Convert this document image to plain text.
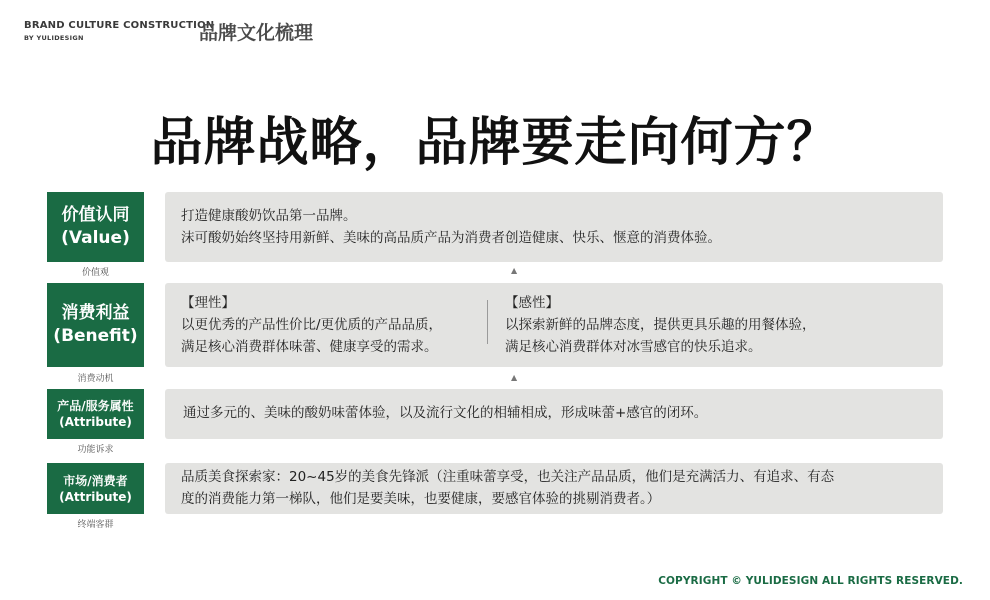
BRAND CULTURE CONSTRUCTION
BY YULIDESIGN	品牌文化梳理
品牌战略，品牌要走向何方？
价值认同
(Value)
价值观
打造健康酸奶饮品第一品牌。
沫可酸奶始终坚持用新鲜、美味的高品质产品为消费者创造健康、快乐、惬意的消费体验。
▲
消费利益
(Benefit)
消费动机
【理性】
以更优秀的产品性价比/更优质的产品品质，
满足核心消费群体味蕾、健康享受的需求。
【感性】
以探索新鲜的品牌态度，提供更具乐趣的用餐体验，
满足核心消费群体对冰雪感官的快乐追求。
▲
产品/服务属性
(Attribute)
功能诉求
通过多元的、美味的酸奶味蕾体验，以及流行文化的相辅相成，形成味蕾+感官的闭环。
市场/消费者
(Attribute)
终端客群
品质美食探索家：20~45岁的美食先锋派（注重味蕾享受，也关注产品品质，他们是充满活力、有追求、有态
度的消费能力第一梯队，他们是要美味，也要健康，要感官体验的挑剔消费者。）
COPYRIGHT © YULIDESIGN ALL RIGHTS RESERVED.
